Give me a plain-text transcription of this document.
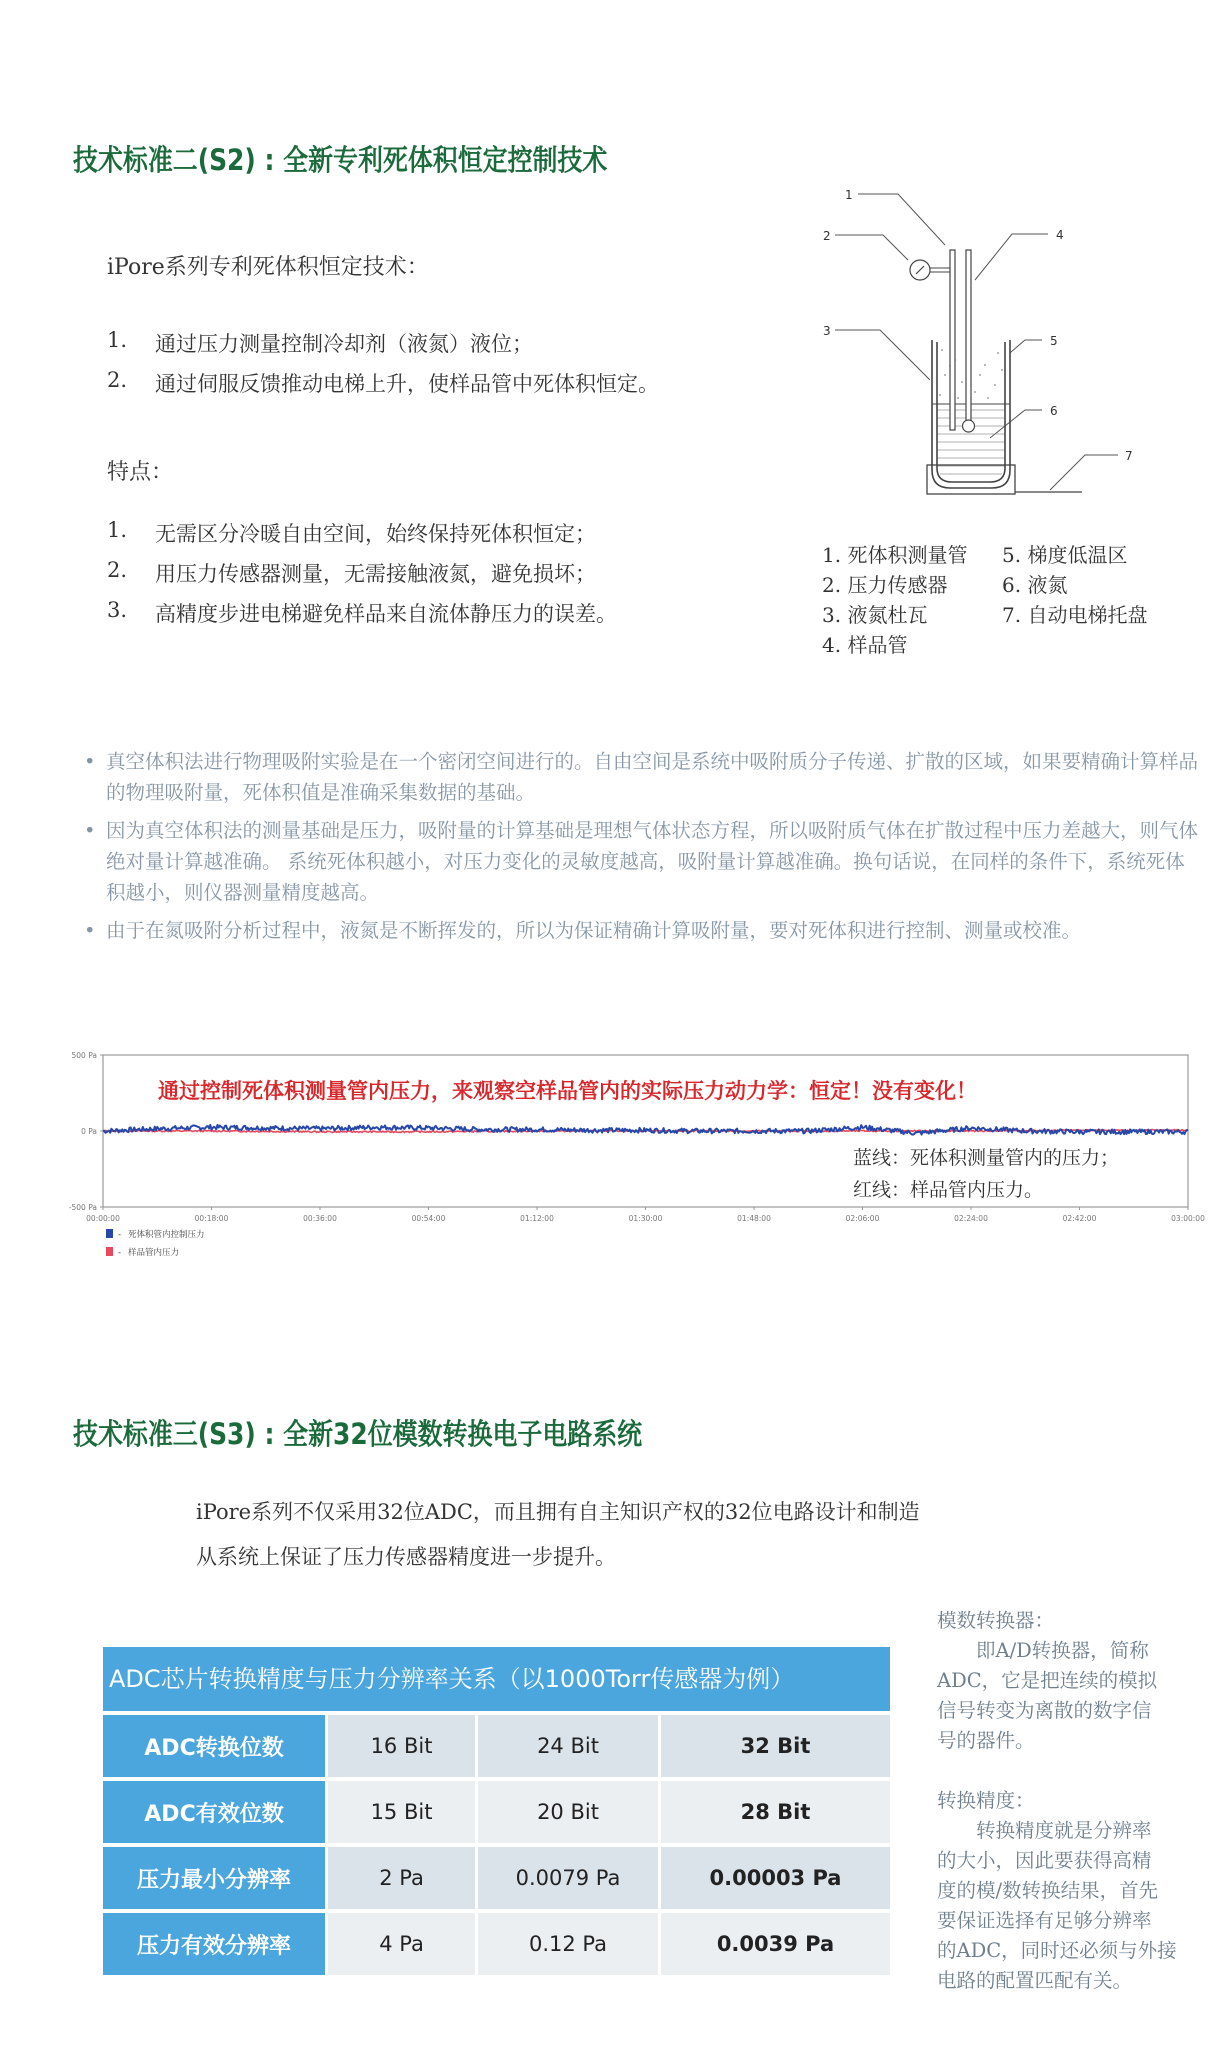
技术标准二(S2) : 全新专利死体积恒定控制技术
iPore系列专利死体积恒定技术：
1.	通过压力测量控制冷却剂（液氮）液位；
2.	通过伺服反馈推动电梯上升，使样品管中死体积恒定。
特点：
1.	无需区分冷暖自由空间，始终保持死体积恒定；
2.	用压力传感器测量，无需接触液氮，避免损坏；
3.	高精度步进电梯避免样品来自流体静压力的误差。
1
2
3
4
5
6
7
1. 死体积测量管
2. 压力传感器
3. 液氮杜瓦
4. 样品管
5. 梯度低温区
6. 液氮
7. 自动电梯托盘
• 真空体积法进行物理吸附实验是在一个密闭空间进行的。自由空间是系统中吸附质分子传递、扩散的区域，如果要精确计算样品的物理吸附量，死体积值是准确采集数据的基础。
• 因为真空体积法的测量基础是压力，吸附量的计算基础是理想气体状态方程，所以吸附质气体在扩散过程中压力差越大，则气体绝对量计算越准确。 系统死体积越小，对压力变化的灵敏度越高，吸附量计算越准确。换句话说，在同样的条件下，系统死体积越小，则仪器测量精度越高。
• 由于在氮吸附分析过程中，液氮是不断挥发的，所以为保证精确计算吸附量，要对死体积进行控制、测量或校准。
500 Pa
0 Pa
-500 Pa
00:00:00	00:18:00	00:36:00	00:54:00	01:12:00	01:30:00	01:48:00	02:06:00	02:24:00	02:42:00	03:00:00
- 死体积管内控制压力
- 样品管内压力
通过控制死体积测量管内压力，来观察空样品管内的实际压力动力学：恒定！没有变化！
蓝线：死体积测量管内的压力；
红线：样品管内压力。
技术标准三(S3) : 全新32位模数转换电子电路系统
iPore系列不仅采用32位ADC，而且拥有自主知识产权的32位电路设计和制造
从系统上保证了压力传感器精度进一步提升。
ADC芯片转换精度与压力分辨率关系（以1000Torr传感器为例）
ADC转换位数	16 Bit	24 Bit	32 Bit
ADC有效位数	15 Bit	20 Bit	28 Bit
压力最小分辨率	2 Pa	0.0079 Pa	0.00003 Pa
压力有效分辨率	4 Pa	0.12 Pa	0.0039 Pa
模数转换器：
　　即A/D转换器，简称
ADC，它是把连续的模拟
信号转变为离散的数字信
号的器件。
转换精度：
　　转换精度就是分辨率
的大小，因此要获得高精
度的模/数转换结果，首先
要保证选择有足够分辨率
的ADC，同时还必须与外接
电路的配置匹配有关。
